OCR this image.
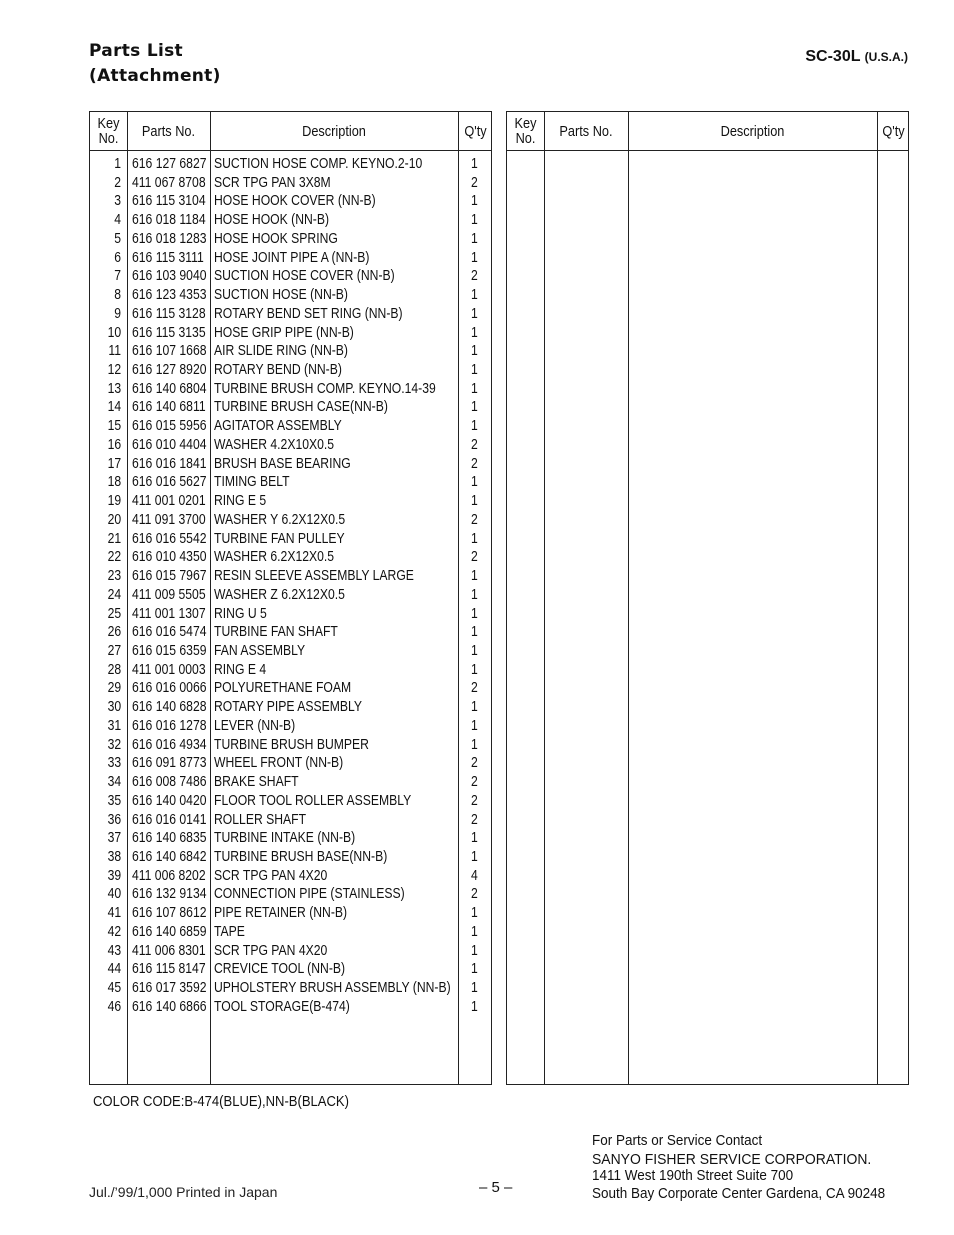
Parts List
(Attachment)
SC-30L (U.S.A.)
Key
No.	Parts No.	Description	Q'ty
1 616 127 6827 SUCTION HOSE COMP. KEYNO.2-10	1
2 411 067 8708 SCR TPG PAN 3X8M	2
3 616 115 3104 HOSE HOOK COVER (NN-B)	1
4 616 018 1184 HOSE HOOK (NN-B)	1
5 616 018 1283 HOSE HOOK SPRING	1
6 616 115 3111 HOSE JOINT PIPE A (NN-B)	1
7 616 103 9040 SUCTION HOSE COVER (NN-B)	2
8 616 123 4353 SUCTION HOSE (NN-B)	1
9 616 115 3128 ROTARY BEND SET RING (NN-B)	1
10 616 115 3135 HOSE GRIP PIPE (NN-B)	1
11 616 107 1668 AIR SLIDE RING (NN-B)	1
12 616 127 8920 ROTARY BEND (NN-B)	1
13 616 140 6804 TURBINE BRUSH COMP. KEYNO.14-39 1
14 616 140 6811 TURBINE BRUSH CASE(NN-B)	1
15 616 015 5956 AGITATOR ASSEMBLY	1
16 616 010 4404 WASHER 4.2X10X0.5	2
17 616 016 1841 BRUSH BASE BEARING	2
18 616 016 5627 TIMING BELT	1
19 411 001 0201 RING E 5	1
20 411 091 3700 WASHER Y 6.2X12X0.5	2
21 616 016 5542 TURBINE FAN PULLEY	1
22 616 010 4350 WASHER 6.2X12X0.5	2
23 616 015 7967 RESIN SLEEVE ASSEMBLY LARGE	1
24 411 009 5505 WASHER Z 6.2X12X0.5	1
25 411 001 1307 RING U 5	1
26 616 016 5474 TURBINE FAN SHAFT	1
27 616 015 6359 FAN ASSEMBLY	1
28 411 001 0003 RING E 4	1
29 616 016 0066 POLYURETHANE FOAM	2
30 616 140 6828 ROTARY PIPE ASSEMBLY	1
31 616 016 1278 LEVER (NN-B)	1
32 616 016 4934 TURBINE BRUSH BUMPER	1
33 616 091 8773 WHEEL FRONT (NN-B)	2
34 616 008 7486 BRAKE SHAFT	2
35 616 140 0420 FLOOR TOOL ROLLER ASSEMBLY	2
36 616 016 0141 ROLLER SHAFT	2
37 616 140 6835 TURBINE INTAKE (NN-B)	1
38 616 140 6842 TURBINE BRUSH BASE(NN-B)	1
39 411 006 8202 SCR TPG PAN 4X20	4
40 616 132 9134 CONNECTION PIPE (STAINLESS)	2
41 616 107 8612 PIPE RETAINER (NN-B)	1
42 616 140 6859 TAPE	1
43 411 006 8301 SCR TPG PAN 4X20	1
44 616 115 8147 CREVICE TOOL (NN-B)	1
45 616 017 3592 UPHOLSTERY BRUSH ASSEMBLY (NN-B) 1
46 616 140 6866 TOOL STORAGE(B-474)	1
Key
No.	Parts No.	Description	Q'ty
COLOR CODE:B-474(BLUE),NN-B(BLACK)
Jul./’99/1,000 Printed in Japan	– 5 –
For Parts or Service Contact
SANYO FISHER SERVICE CORPORATION.
1411 West 190th Street Suite 700
South Bay Corporate Center Gardena, CA 90248
